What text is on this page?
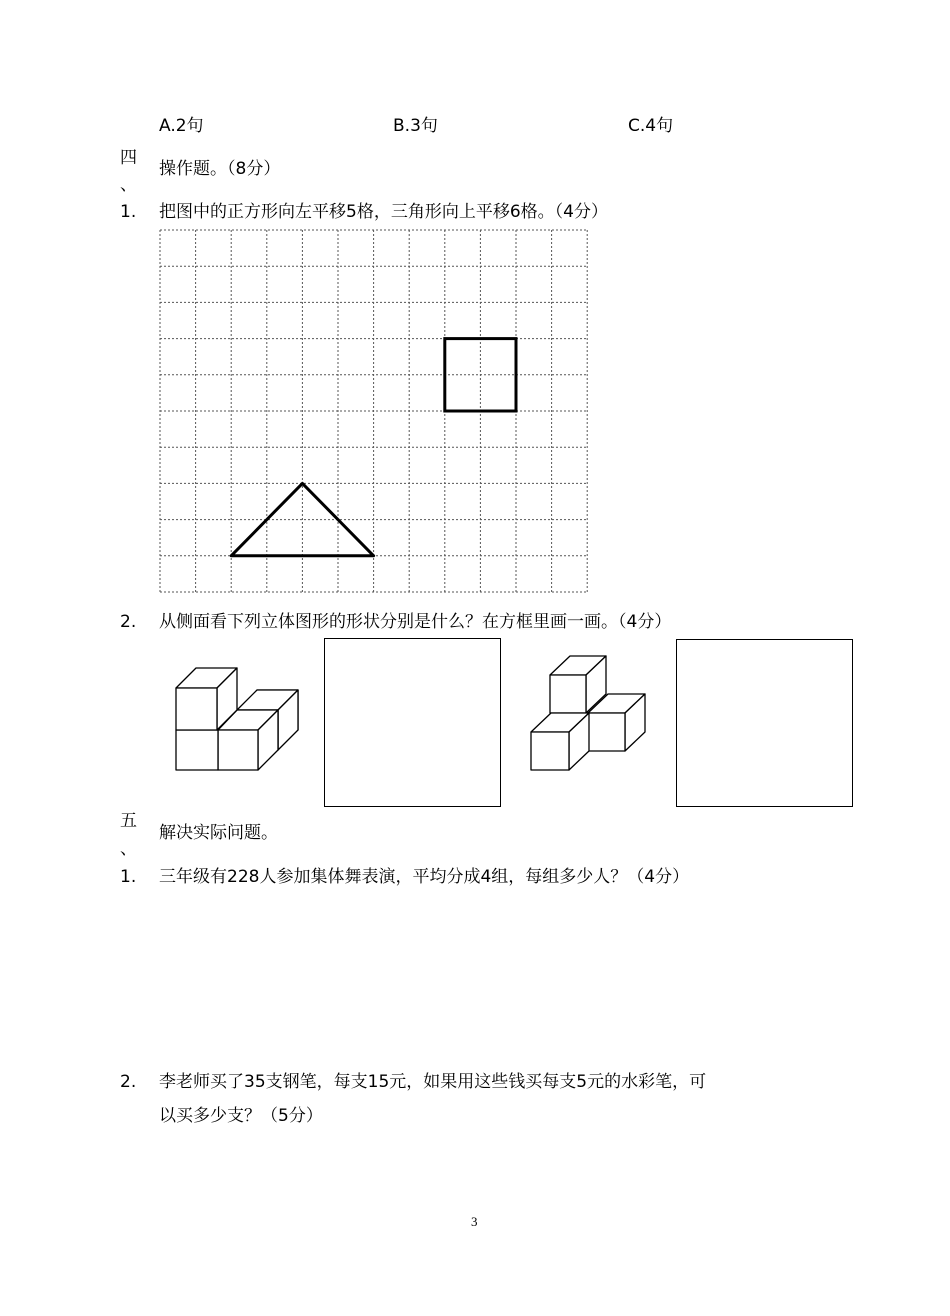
A.2句	B.3句	C.4句
四
、
操作题。（8分）
1. 把图中的正方形向左平移5格，三角形向上平移6格。（4分）
2. 从侧面看下列立体图形的形状分别是什么？在方框里画一画。（4分）
五
、
解决实际问题。
1. 三年级有228人参加集体舞表演，平均分成4组，每组多少人？（4分）
2. 李老师买了35支钢笔，每支15元，如果用这些钱买每支5元的水彩笔，可
以买多少支？（5分）
3
